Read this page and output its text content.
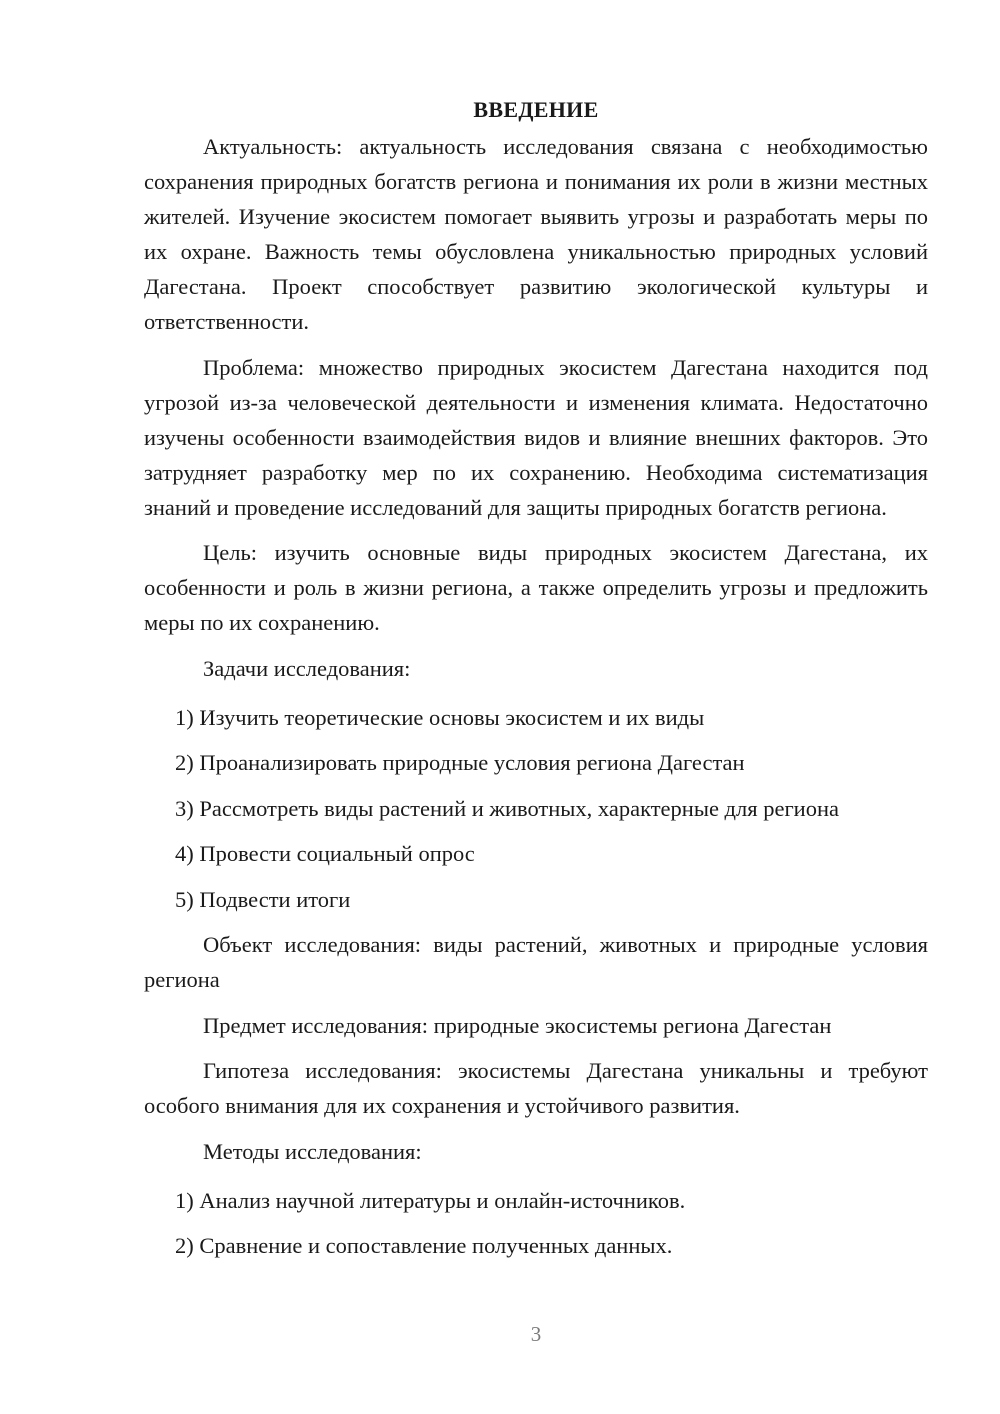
ВВЕДЕНИЕ

Актуальность: актуальность исследования связана с необходимостью сохранения природных богатств региона и понимания их роли в жизни местных жителей. Изучение экосистем помогает выявить угрозы и разработать меры по их охране. Важность темы обусловлена уникальностью природных условий Дагестана. Проект способствует развитию экологической культуры и ответственности.

Проблема: множество природных экосистем Дагестана находится под угрозой из-за человеческой деятельности и изменения климата. Недостаточно изучены особенности взаимодействия видов и влияние внешних факторов. Это затрудняет разработку мер по их сохранению. Необходима систематизация знаний и проведение исследований для защиты природных богатств региона.

Цель: изучить основные виды природных экосистем Дагестана, их особенности и роль в жизни региона, а также определить угрозы и предложить меры по их сохранению.

Задачи исследования:

1) Изучить теоретические основы экосистем и их виды
2) Проанализировать природные условия региона Дагестан
3) Рассмотреть виды растений и животных, характерные для региона
4) Провести социальный опрос
5) Подвести итоги

Объект исследования: виды растений, животных и природные условия региона

Предмет исследования: природные экосистемы региона Дагестан

Гипотеза исследования: экосистемы Дагестана уникальны и требуют особого внимания для их сохранения и устойчивого развития.

Методы исследования:

1) Анализ научной литературы и онлайн-источников.
2) Сравнение и сопоставление полученных данных.
3
